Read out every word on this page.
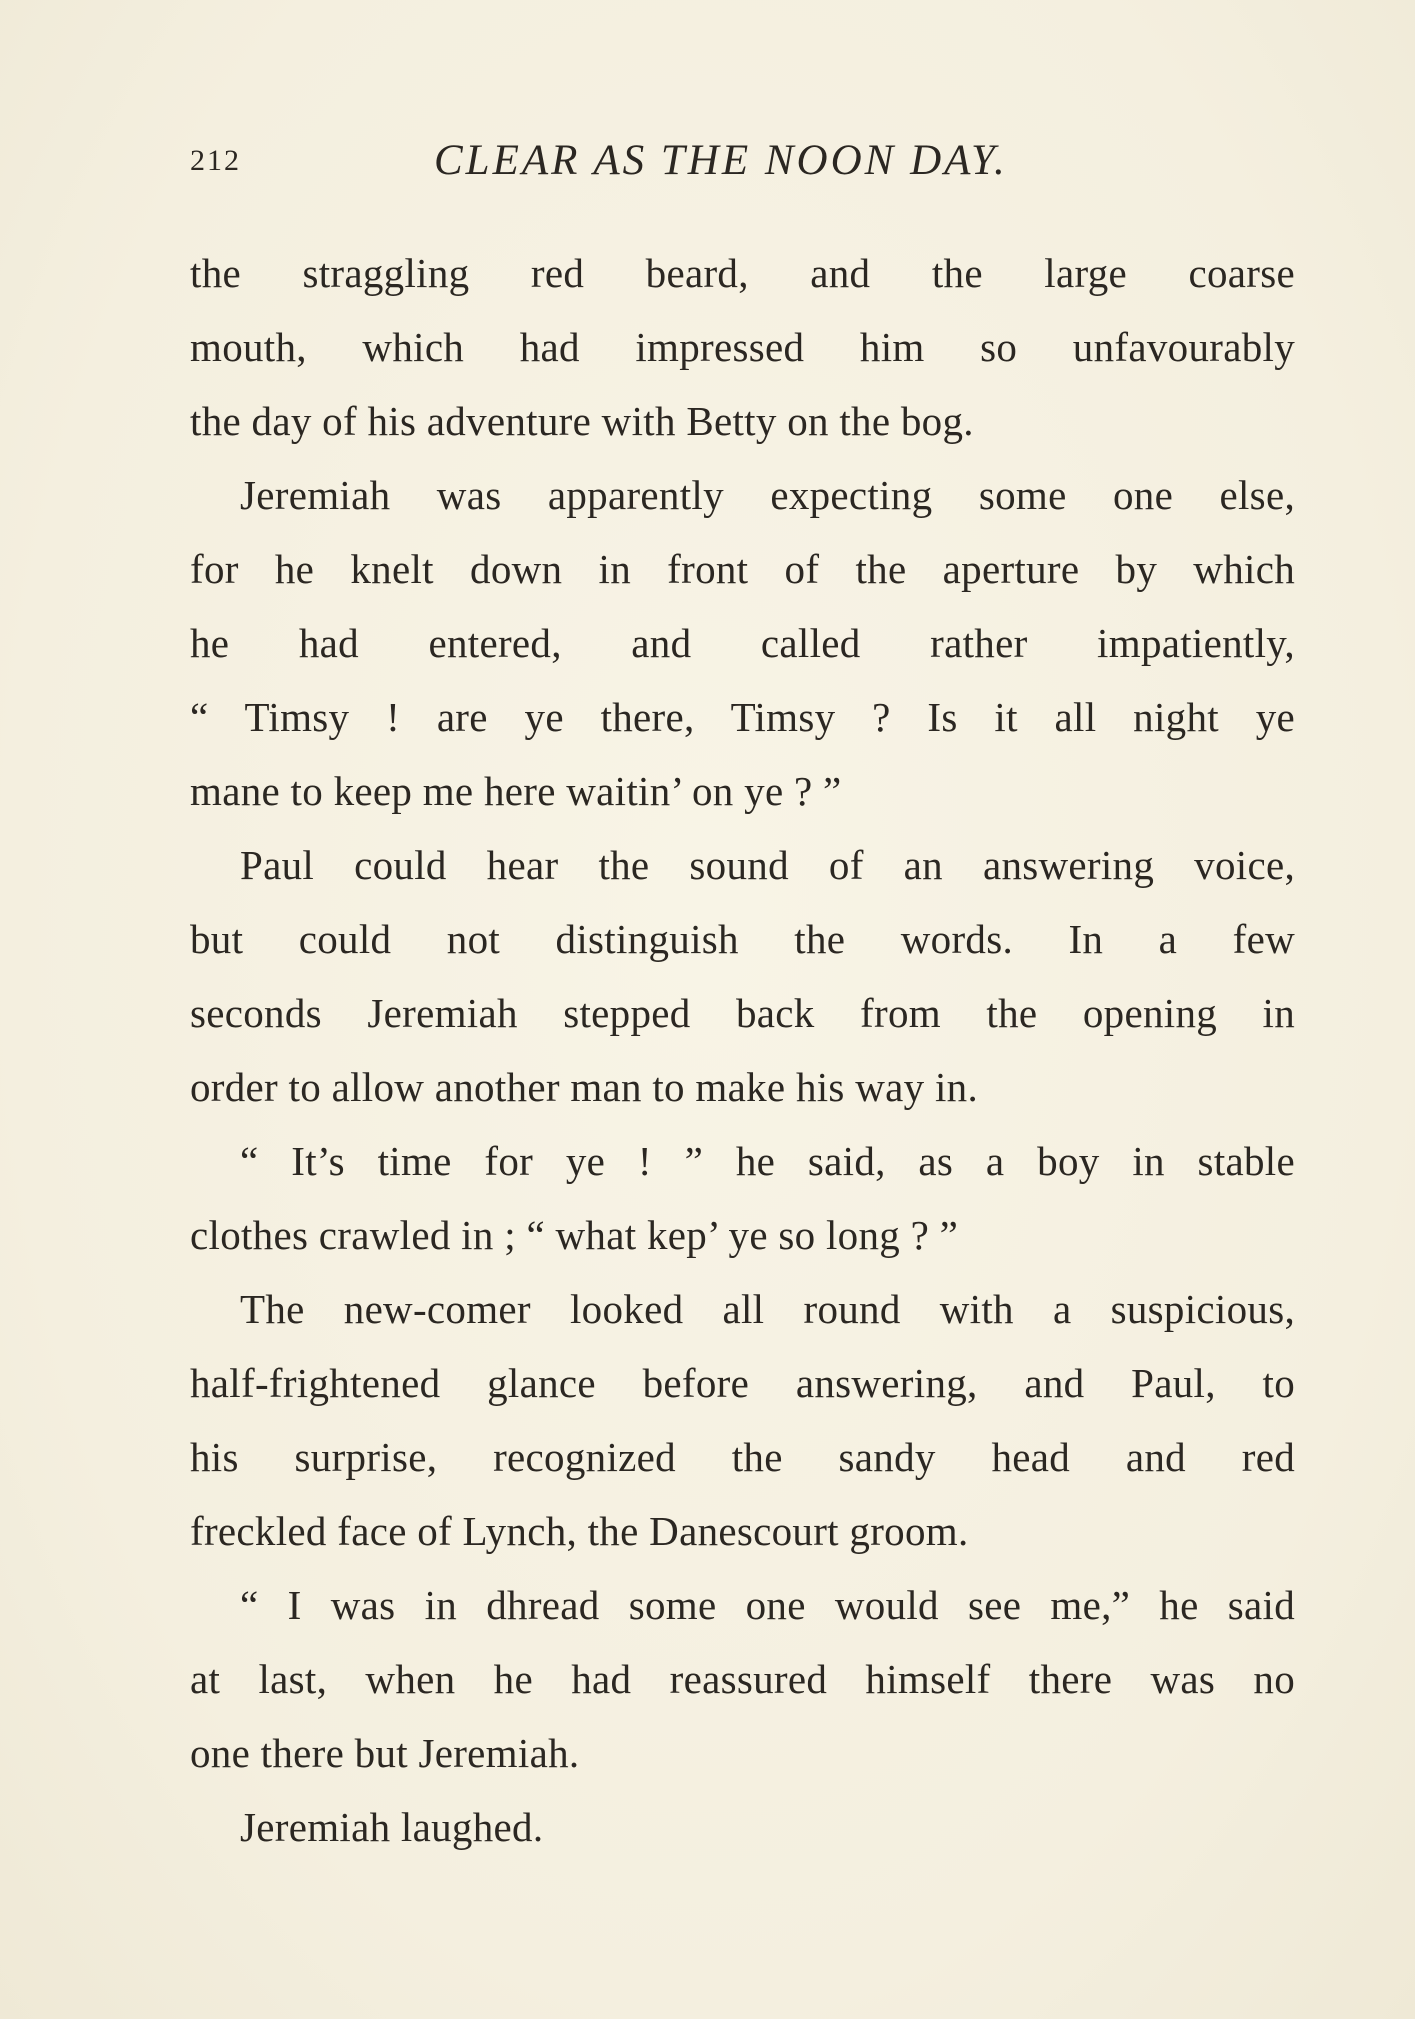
212	CLEAR AS THE NOON DAY.
the straggling red beard, and the large coarse
mouth, which had impressed him so unfavourably
the day of his adventure with Betty on the bog.
Jeremiah was apparently expecting some one else,
for he knelt down in front of the aperture by which
he had entered, and called rather impatiently,
“ Timsy ! are ye there, Timsy ? Is it all night ye
mane to keep me here waitin’ on ye ? ”
Paul could hear the sound of an answering voice,
but could not distinguish the words. In a few
seconds Jeremiah stepped back from the opening in
order to allow another man to make his way in.
“ It’s time for ye ! ” he said, as a boy in stable
clothes crawled in ; “ what kep’ ye so long ? ”
The new-comer looked all round with a suspicious,
half-frightened glance before answering, and Paul, to
his surprise, recognized the sandy head and red
freckled face of Lynch, the Danescourt groom.
“ I was in dhread some one would see me,” he said
at last, when he had reassured himself there was no
one there but Jeremiah.
Jeremiah laughed.
